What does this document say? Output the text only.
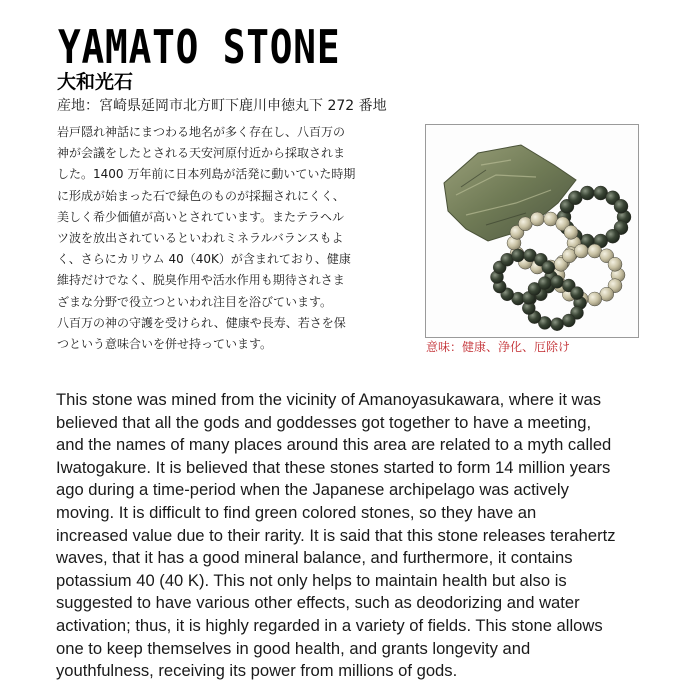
YAMATO STONE
大和光石
産地：宮崎県延岡市北方町下鹿川申徳丸下 272 番地
岩戸隠れ神話にまつわる地名が多く存在し、八百万の
神が会議をしたとされる天安河原付近から採取されま
した。1400 万年前に日本列島が活発に動いていた時期
に形成が始まった石で緑色のものが採掘されにくく、
美しく希少価値が高いとされています。またテラヘル
ツ波を放出されているといわれミネラルバランスもよ
く、さらにカリウム 40（40K）が含まれており、健康
維持だけでなく、脱臭作用や活水作用も期待されさま
ざまな分野で役立つといわれ注目を浴びています。
八百万の神の守護を受けられ、健康や長寿、若さを保
つという意味合いを併せ持っています。	意味：健康、浄化、厄除け
This stone was mined from the vicinity of Amanoyasukawara, where it was
believed that all the gods and goddesses got together to have a meeting,
and the names of many places around this area are related to a myth called
Iwatogakure. It is believed that these stones started to form 14 million years
ago during a time-period when the Japanese archipelago was actively
moving. It is difficult to find green colored stones, so they have an
increased value due to their rarity. It is said that this stone releases terahertz
waves, that it has a good mineral balance, and furthermore, it contains
potassium 40 (40 K). This not only helps to maintain health but also is
suggested to have various other effects, such as deodorizing and water
activation; thus, it is highly regarded in a variety of fields. This stone allows
one to keep themselves in good health, and grants longevity and
youthfulness, receiving its power from millions of gods.
